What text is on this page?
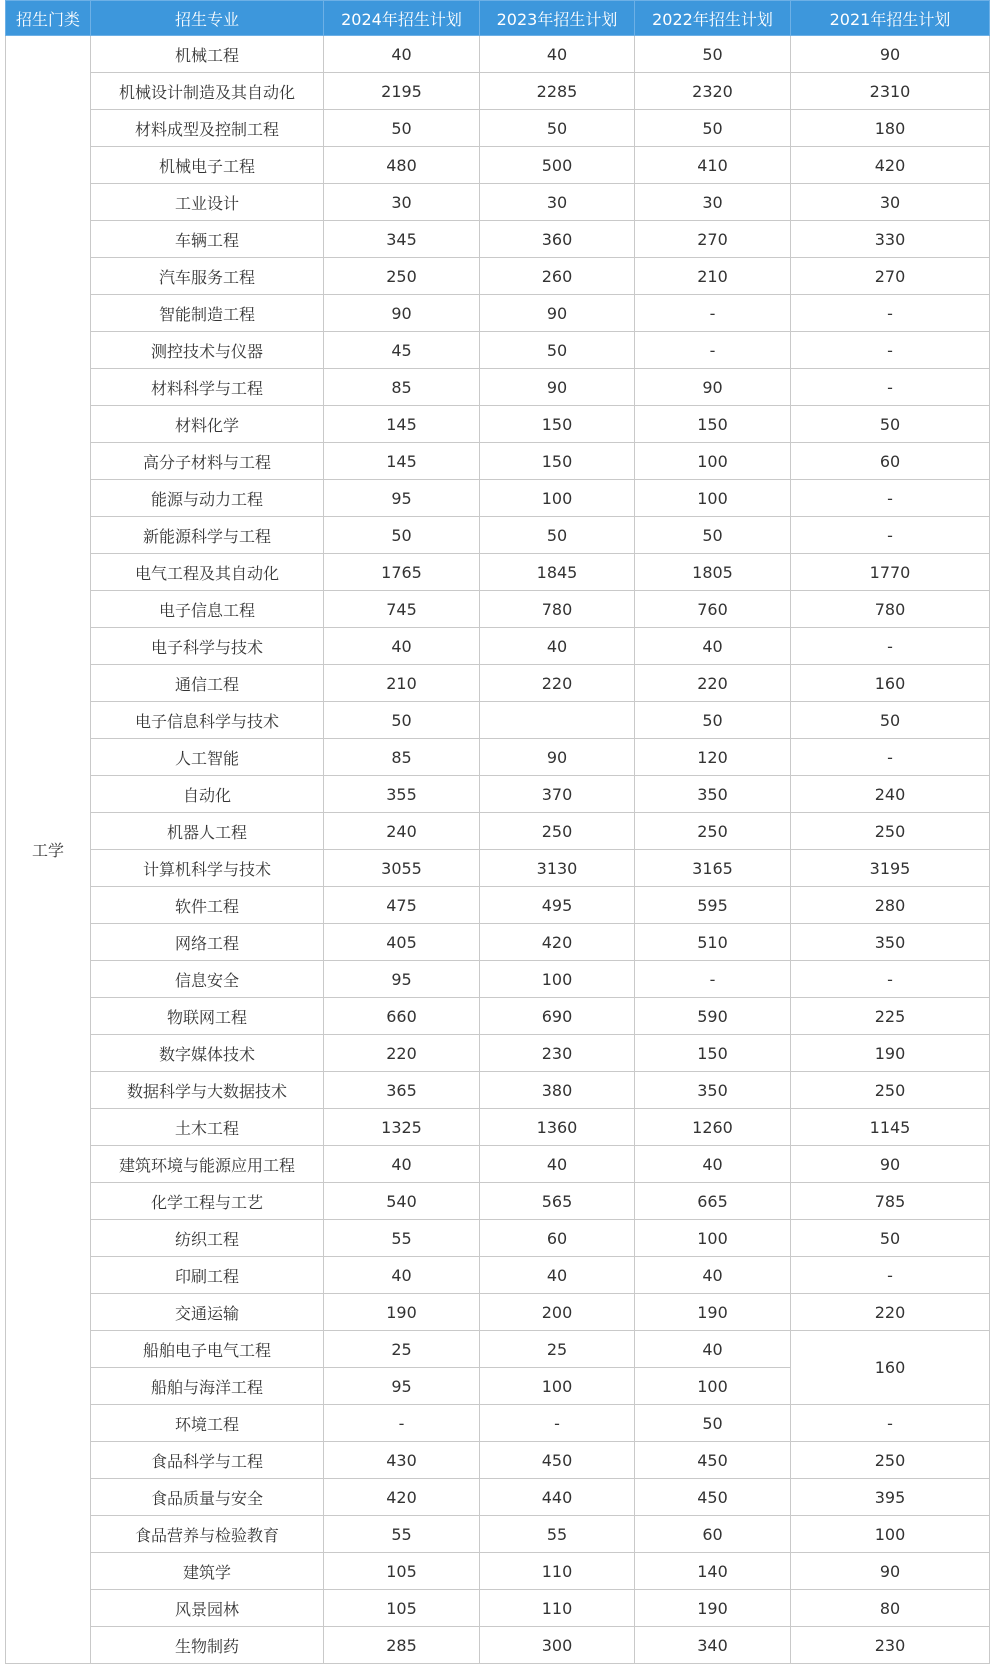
招生门类	招生专业	2024年招生计划	2023年招生计划	2022年招生计划	2021年招生计划
工学	机械工程	40	40	50	90
	机械设计制造及其自动化	2195	2285	2320	2310
	材料成型及控制工程	50	50	50	180
	机械电子工程	480	500	410	420
	工业设计	30	30	30	30
	车辆工程	345	360	270	330
	汽车服务工程	250	260	210	270
	智能制造工程	90	90	-	-
	测控技术与仪器	45	50	-	-
	材料科学与工程	85	90	90	-
	材料化学	145	150	150	50
	高分子材料与工程	145	150	100	60
	能源与动力工程	95	100	100	-
	新能源科学与工程	50	50	50	-
	电气工程及其自动化	1765	1845	1805	1770
	电子信息工程	745	780	760	780
	电子科学与技术	40	40	40	-
	通信工程	210	220	220	160
	电子信息科学与技术	50		50	50
	人工智能	85	90	120	-
	自动化	355	370	350	240
	机器人工程	240	250	250	250
	计算机科学与技术	3055	3130	3165	3195
	软件工程	475	495	595	280
	网络工程	405	420	510	350
	信息安全	95	100	-	-
	物联网工程	660	690	590	225
	数字媒体技术	220	230	150	190
	数据科学与大数据技术	365	380	350	250
	土木工程	1325	1360	1260	1145
	建筑环境与能源应用工程	40	40	40	90
	化学工程与工艺	540	565	665	785
	纺织工程	55	60	100	50
	印刷工程	40	40	40	-
	交通运输	190	200	190	220
	船舶电子电气工程	25	25	40	160
	船舶与海洋工程	95	100	100	
	环境工程	-	-	50	-
	食品科学与工程	430	450	450	250
	食品质量与安全	420	440	450	395
	食品营养与检验教育	55	55	60	100
	建筑学	105	110	140	90
	风景园林	105	110	190	80
	生物制药	285	300	340	230
